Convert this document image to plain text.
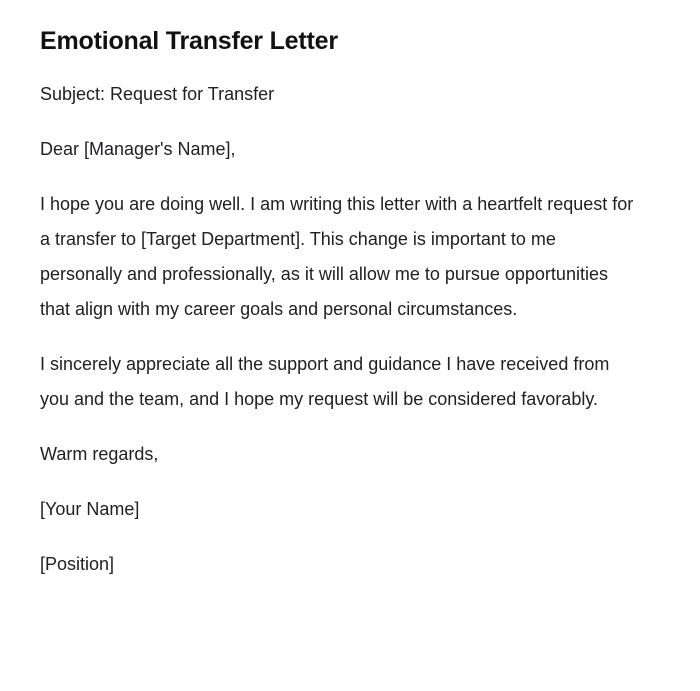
Emotional Transfer Letter

Subject: Request for Transfer

Dear [Manager's Name],

I hope you are doing well. I am writing this letter with a heartfelt request for a transfer to [Target Department]. This change is important to me personally and professionally, as it will allow me to pursue opportunities that align with my career goals and personal circumstances.

I sincerely appreciate all the support and guidance I have received from you and the team, and I hope my request will be considered favorably.

Warm regards,

[Your Name]

[Position]
